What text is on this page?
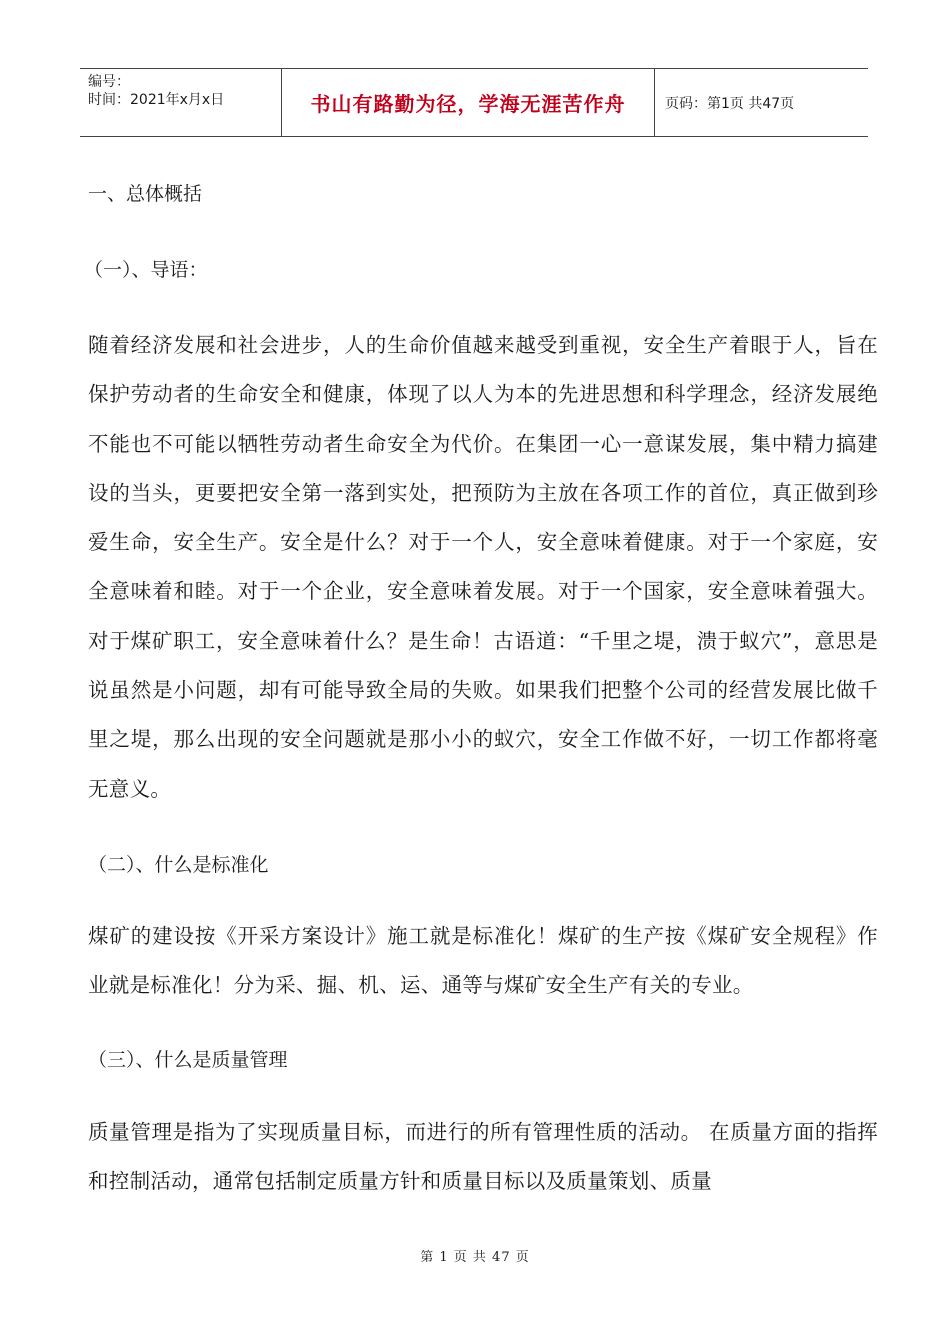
编号：
时间：2021年x月x日	书山有路勤为径，学海无涯苦作舟	页码：第1页 共47页

一、总体概括

（一）、导语：

随着经济发展和社会进步，人的生命价值越来越受到重视，安全生产着眼于人，旨在保护劳动者的生命安全和健康，体现了以人为本的先进思想和科学理念，经济发展绝不能也不可能以牺牲劳动者生命安全为代价。在集团一心一意谋发展，集中精力搞建设的当头，更要把安全第一落到实处，把预防为主放在各项工作的首位，真正做到珍爱生命，安全生产。安全是什么？对于一个人，安全意味着健康。对于一个家庭，安全意味着和睦。对于一个企业，安全意味着发展。对于一个国家，安全意味着强大。对于煤矿职工，安全意味着什么？是生命！古语道：“千里之堤，溃于蚁穴”，意思是说虽然是小问题，却有可能导致全局的失败。如果我们把整个公司的经营发展比做千里之堤，那么出现的安全问题就是那小小的蚁穴，安全工作做不好，一切工作都将毫无意义。

（二）、什么是标准化

煤矿的建设按《开采方案设计》施工就是标准化！煤矿的生产按《煤矿安全规程》作业就是标准化！分为采、掘、机、运、通等与煤矿安全生产有关的专业。

（三）、什么是质量管理

质量管理是指为了实现质量目标，而进行的所有管理性质的活动。 在质量方面的指挥和控制活动，通常包括制定质量方针和质量目标以及质量策划、质量

第 1 页 共 47 页
